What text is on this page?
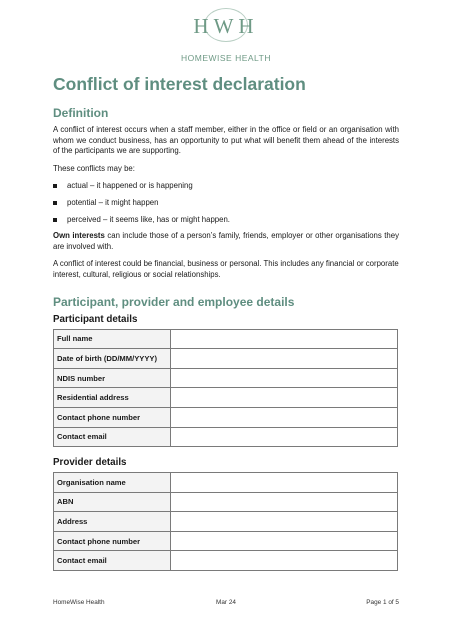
HWH
HOMEWISE HEALTH
Conflict of interest declaration
Definition

A conflict of interest occurs when a staff member, either in the office or field or an organisation with whom we conduct business, has an opportunity to put what will benefit them ahead of the interests of the participants we are supporting.

These conflicts may be:

actual – it happened or is happening
potential – it might happen
perceived – it seems like, has or might happen.

Own interests can include those of a person’s family, friends, employer or other organisations they are involved with.

A conflict of interest could be financial, business or personal. This includes any financial or corporate interest, cultural, religious or social relationships.

Participant, provider and employee details
Participant details
Full name	
Date of birth (DD/MM/YYYY)	
NDIS number	
Residential address	
Contact phone number	
Contact email	
Provider details
Organisation name	
ABN	
Address	
Contact phone number	
Contact email	
HomeWise Health	Mar 24	Page 1 of 5
